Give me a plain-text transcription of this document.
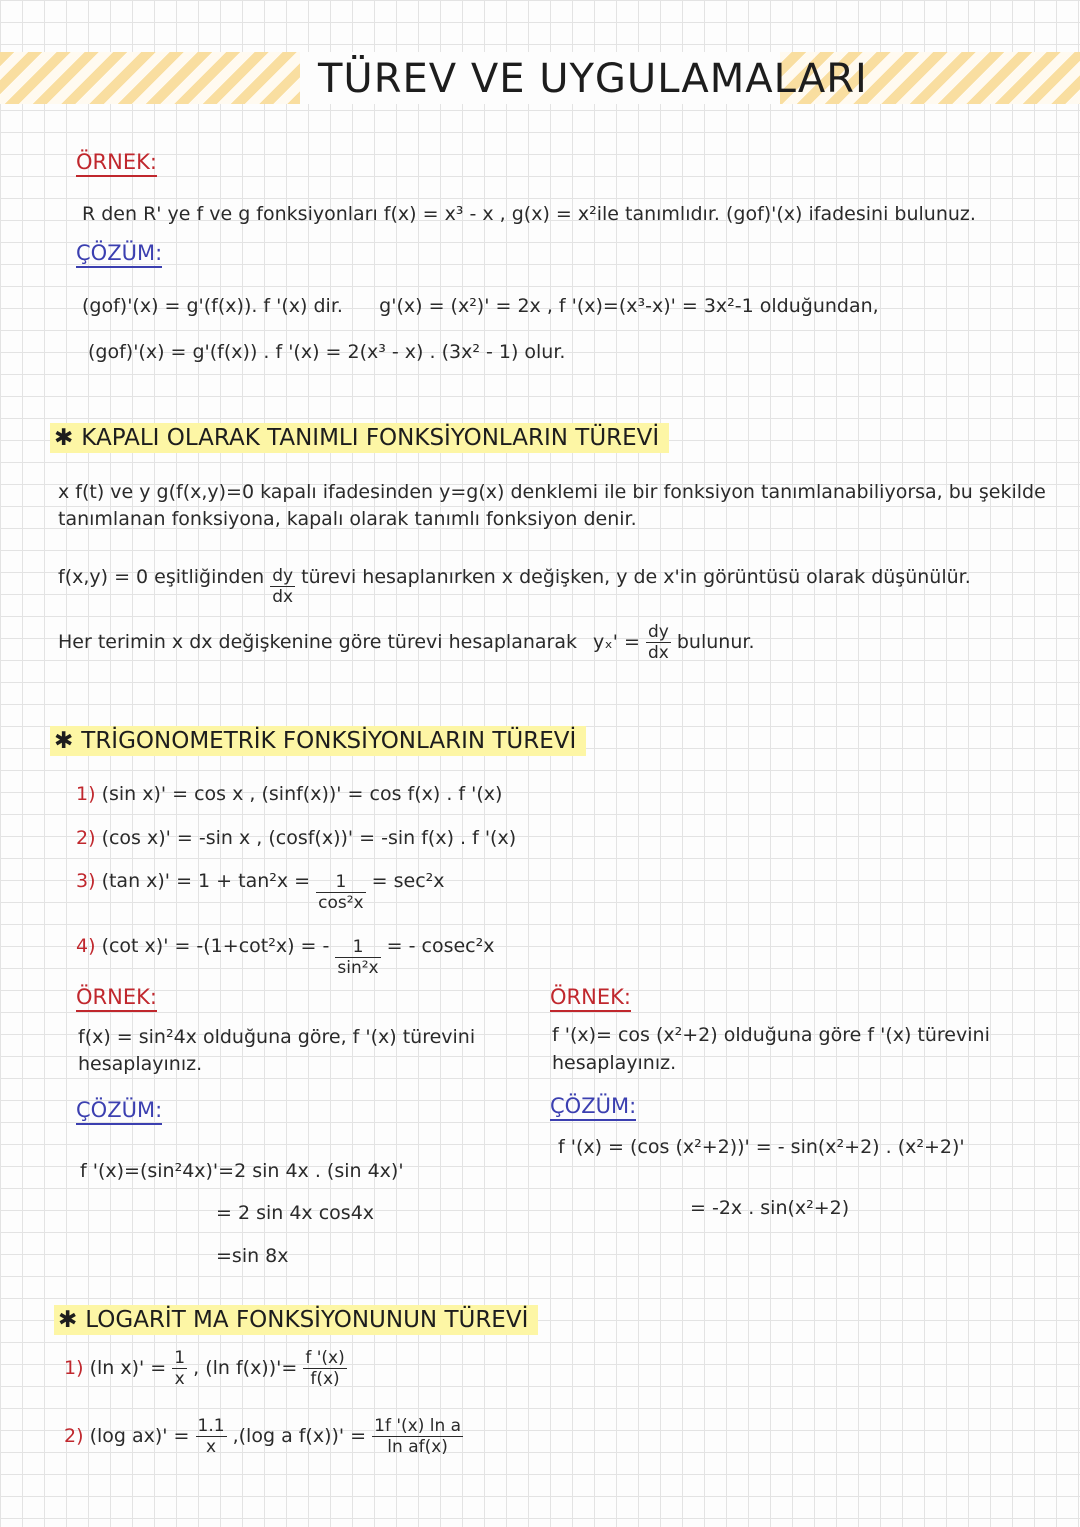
TÜREV VE UYGULAMALARI
ÖRNEK:
R den R' ye f ve g fonksiyonları f(x) = x³ - x , g(x) = x²ile tanımlıdır. (gof)'(x) ifadesini bulunuz.
ÇÖZÜM:
(gof)'(x) = g'(f(x)). f '(x) dir.      g'(x) = (x²)' = 2x , f '(x)=(x³-x)' = 3x²-1 olduğundan,
(gof)'(x) = g'(f(x)) . f '(x) = 2(x³ - x) . (3x² - 1) olur.
✱ KAPALI OLARAK TANIMLI FONKSİYONLARIN TÜREVİ
x f(t) ve y g(f(x,y)=0 kapalı ifadesinden y=g(x) denklemi ile bir fonksiyon tanımlanabiliyorsa, bu şekilde
tanımlanan fonksiyona, kapalı olarak tanımlı fonksiyon denir.
f(x,y) = 0 eşitliğinden $\frac{dy}{dx}$ türevi hesaplanırken x değişken, y de x'in görüntüsü olarak düşünülür.
Her terimin x dx değişkenine göre türevi hesaplanarak $y_x' = \frac{dy}{dx}$ bulunur.
✱ TRİGONOMETRİK FONKSİYONLARIN TÜREVİ
1) (sin x)' = cos x , (sinf(x))' = cos f(x) . f '(x)
2) (cos x)' = -sin x , (cosf(x))' = -sin f(x) . f '(x)
3) (tan $x)' = 1 + \tan^2x = \frac{1}{\text{cos²x}} = \sec^2x$
4) (cot x)' = -(1+cot²x) = - $\frac{1}{\text{sin²x}}$ = - cosec²x
ÖRNEK:
f(x) = sin²4x olduğuna göre, f '(x) türevini
hesaplayınız.
ÇÖZÜM:
f '(x)=(sin²4x)'=2 sin 4x . (sin 4x)'
= 2 sin 4x cos4x
=sin 8x
ÖRNEK:
f '(x)= cos (x²+2) olduğuna göre f '(x) türevini
hesaplayınız.
ÇÖZÜM:
f '(x) = (cos (x²+2))' = - sin(x²+2) . (x²+2)'
= -2x . sin(x²+2)
✱ LOGARİT MA FONKSİYONUNUN TÜREVİ
1) (ln $x)' = \frac{1}{x}$ , (ln $f(x))'= \frac{f '(x)}{f(x)}$
2) (log $ax)' = \frac{1.1}{x} ,(\log$ a $f(x))' = \frac{\text{1f '(x) ln a}}{\text{ln af(x)}}$
